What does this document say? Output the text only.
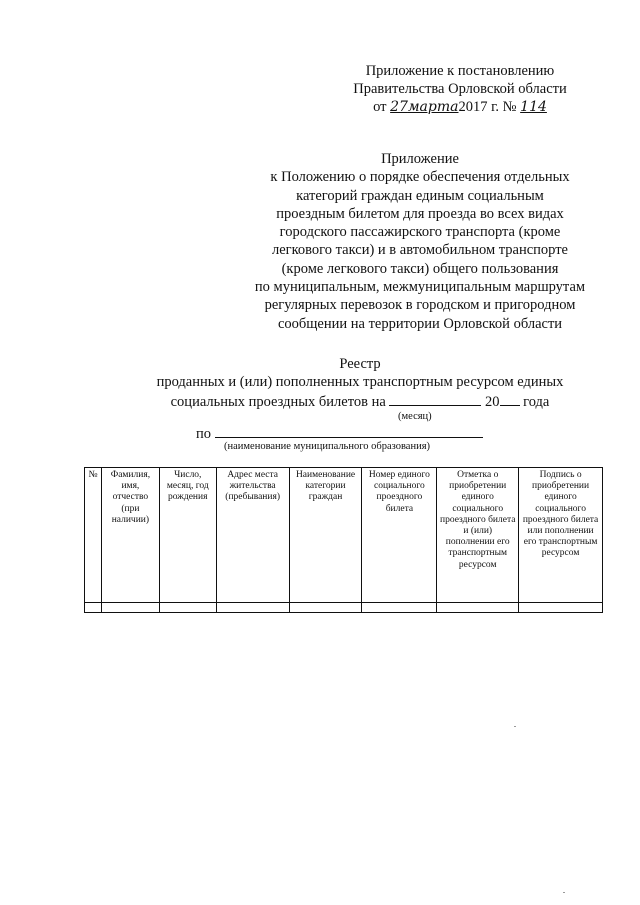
Приложение к постановлению
Правительства Орловской области
от 27марта2017 г. № 114
Приложение
к Положению о порядке обеспечения отдельных
категорий граждан единым социальным
проездным билетом для проезда во всех видах
городского пассажирского транспорта (кроме
легкового такси) и в автомобильном транспорте
(кроме легкового такси) общего пользования
по муниципальным, межмуниципальным маршрутам
регулярных перевозок в городском и пригородном
сообщении на территории Орловской области
Реестр
проданных и (или) пополненных транспортным ресурсом единых
социальных проездных билетов на	20 года
(месяц)
по
(наименование муниципального образования)
№	Фамилия, имя, отчество (при наличии)	Число, месяц, год рождения	Адрес места жительства (пребывания)	Наименование категории граждан	Номер единого социального проездного билета	Отметка о приобретении единого социального проездного билета и (или) пополнении его транспортным ресурсом	Подпись о приобретении единого социального проездного билета или пополнении его транспортным ресурсом
